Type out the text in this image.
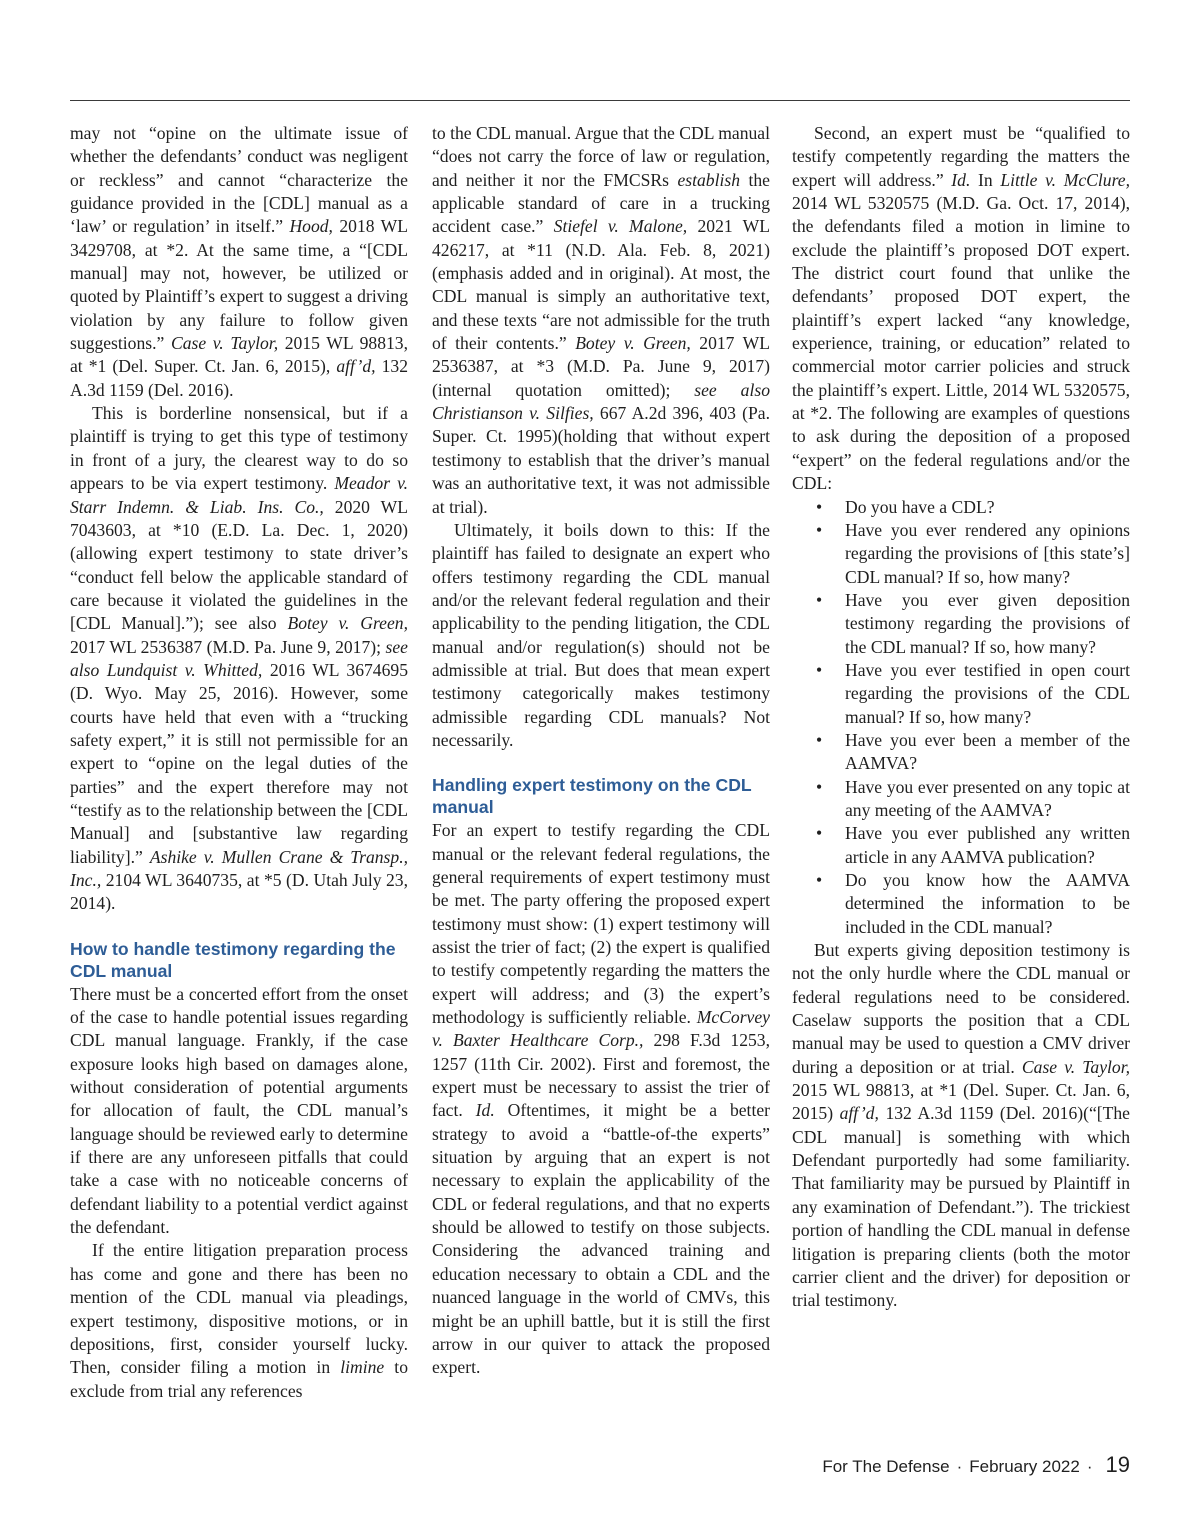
may not “opine on the ultimate issue of whether the defendants’ conduct was negligent or reckless” and cannot “characterize the guidance provided in the [CDL] manual as a ‘law’ or regulation’ in itself.” Hood, 2018 WL 3429708, at *2. At the same time, a “[CDL manual] may not, however, be utilized or quoted by Plaintiff’s expert to suggest a driving violation by any failure to follow given suggestions.” Case v. Taylor, 2015 WL 98813, at *1 (Del. Super. Ct. Jan. 6, 2015), aff’d, 132 A.3d 1159 (Del. 2016).

This is borderline nonsensical, but if a plaintiff is trying to get this type of testimony in front of a jury, the clearest way to do so appears to be via expert testimony. Meador v. Starr Indemn. & Liab. Ins. Co., 2020 WL 7043603, at *10 (E.D. La. Dec. 1, 2020)(allowing expert testimony to state driver’s “conduct fell below the applicable standard of care because it violated the guidelines in the [CDL Manual].”); see also Botey v. Green, 2017 WL 2536387 (M.D. Pa. June 9, 2017); see also Lundquist v. Whitted, 2016 WL 3674695 (D. Wyo. May 25, 2016). However, some courts have held that even with a “trucking safety expert,” it is still not permissible for an expert to “opine on the legal duties of the parties” and the expert therefore may not “testify as to the relationship between the [CDL Manual] and [substantive law regarding liability].” Ashike v. Mullen Crane & Transp., Inc., 2104 WL 3640735, at *5 (D. Utah July 23, 2014).

How to handle testimony regarding the CDL manual

There must be a concerted effort from the onset of the case to handle potential issues regarding CDL manual language. Frankly, if the case exposure looks high based on damages alone, without consideration of potential arguments for allocation of fault, the CDL manual’s language should be reviewed early to determine if there are any unforeseen pitfalls that could take a case with no noticeable concerns of defendant liability to a potential verdict against the defendant.

If the entire litigation preparation process has come and gone and there has been no mention of the CDL manual via pleadings, expert testimony, dispositive motions, or in depositions, first, consider yourself lucky. Then, consider filing a motion in limine to exclude from trial any references

to the CDL manual. Argue that the CDL manual “does not carry the force of law or regulation, and neither it nor the FMCSRs establish the applicable standard of care in a trucking accident case.” Stiefel v. Malone, 2021 WL 426217, at *11 (N.D. Ala. Feb. 8, 2021)(emphasis added and in original). At most, the CDL manual is simply an authoritative text, and these texts “are not admissible for the truth of their contents.” Botey v. Green, 2017 WL 2536387, at *3 (M.D. Pa. June 9, 2017)(internal quotation omitted); see also Christianson v. Silfies, 667 A.2d 396, 403 (Pa. Super. Ct. 1995)(holding that without expert testimony to establish that the driver’s manual was an authoritative text, it was not admissible at trial).

Ultimately, it boils down to this: If the plaintiff has failed to designate an expert who offers testimony regarding the CDL manual and/or the relevant federal regulation and their applicability to the pending litigation, the CDL manual and/or regulation(s) should not be admissible at trial. But does that mean expert testimony categorically makes testimony admissible regarding CDL manuals? Not necessarily.

Handling expert testimony on the CDL manual

For an expert to testify regarding the CDL manual or the relevant federal regulations, the general requirements of expert testimony must be met. The party offering the proposed expert testimony must show: (1) expert testimony will assist the trier of fact; (2) the expert is qualified to testify competently regarding the matters the expert will address; and (3) the expert’s methodology is sufficiently reliable. McCorvey v. Baxter Healthcare Corp., 298 F.3d 1253, 1257 (11th Cir. 2002). First and foremost, the expert must be necessary to assist the trier of fact. Id. Oftentimes, it might be a better strategy to avoid a “battle-of-the experts” situation by arguing that an expert is not necessary to explain the applicability of the CDL or federal regulations, and that no experts should be allowed to testify on those subjects. Considering the advanced training and education necessary to obtain a CDL and the nuanced language in the world of CMVs, this might be an uphill battle, but it is still the first arrow in our quiver to attack the proposed expert.

Second, an expert must be “qualified to testify competently regarding the matters the expert will address.” Id. In Little v. McClure, 2014 WL 5320575 (M.D. Ga. Oct. 17, 2014), the defendants filed a motion in limine to exclude the plaintiff’s proposed DOT expert. The district court found that unlike the defendants’ proposed DOT expert, the plaintiff’s expert lacked “any knowledge, experience, training, or education” related to commercial motor carrier policies and struck the plaintiff’s expert. Little, 2014 WL 5320575, at *2. The following are examples of questions to ask during the deposition of a proposed “expert” on the federal regulations and/or the CDL:

• Do you have a CDL?
• Have you ever rendered any opinions regarding the provisions of [this state’s] CDL manual? If so, how many?
• Have you ever given deposition testimony regarding the provisions of the CDL manual? If so, how many?
• Have you ever testified in open court regarding the provisions of the CDL manual? If so, how many?
• Have you ever been a member of the AAMVA?
• Have you ever presented on any topic at any meeting of the AAMVA?
• Have you ever published any written article in any AAMVA publication?
• Do you know how the AAMVA determined the information to be included in the CDL manual?

But experts giving deposition testimony is not the only hurdle where the CDL manual or federal regulations need to be considered. Caselaw supports the position that a CDL manual may be used to question a CMV driver during a deposition or at trial. Case v. Taylor, 2015 WL 98813, at *1 (Del. Super. Ct. Jan. 6, 2015) aff’d, 132 A.3d 1159 (Del. 2016)(“[The CDL manual] is something with which Defendant purportedly had some familiarity. That familiarity may be pursued by Plaintiff in any examination of Defendant.”). The trickiest portion of handling the CDL manual in defense litigation is preparing clients (both the motor carrier client and the driver) for deposition or trial testimony.

For The Defense · February 2022 · 19
